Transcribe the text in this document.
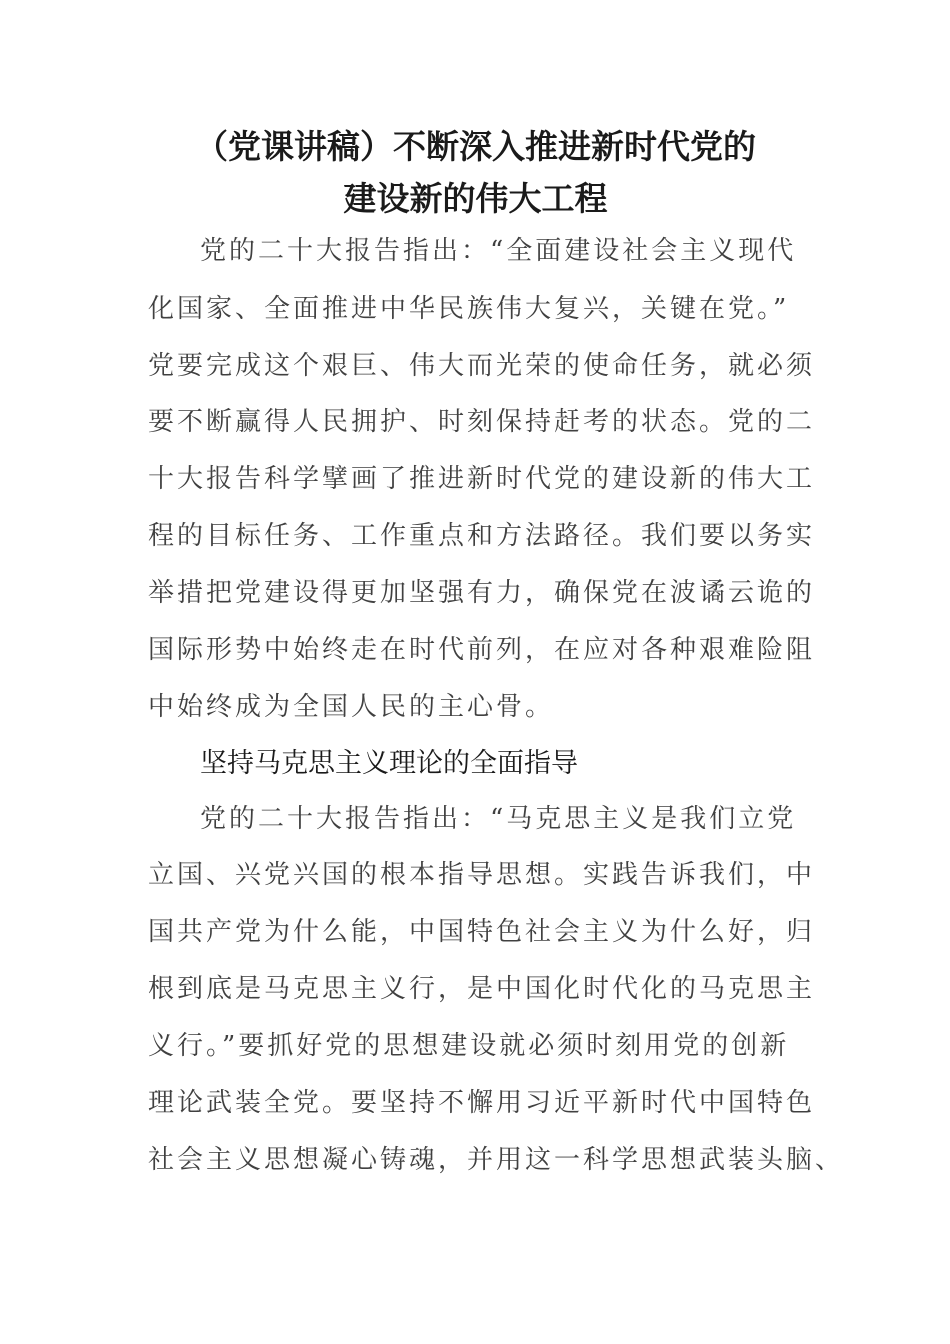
（党课讲稿）不断深入推进新时代党的
建设新的伟大工程
党的二十大报告指出：“全面建设社会主义现代
化国家、全面推进中华民族伟大复兴，关键在党。”
党要完成这个艰巨、伟大而光荣的使命任务，就必须
要不断赢得人民拥护、时刻保持赶考的状态。党的二
十大报告科学擘画了推进新时代党的建设新的伟大工
程的目标任务、工作重点和方法路径。我们要以务实
举措把党建设得更加坚强有力，确保党在波谲云诡的
国际形势中始终走在时代前列，在应对各种艰难险阻
中始终成为全国人民的主心骨。
坚持马克思主义理论的全面指导
党的二十大报告指出：“马克思主义是我们立党
立国、兴党兴国的根本指导思想。实践告诉我们，中
国共产党为什么能，中国特色社会主义为什么好，归
根到底是马克思主义行，是中国化时代化的马克思主
义行。”要抓好党的思想建设就必须时刻用党的创新
理论武装全党。要坚持不懈用习近平新时代中国特色
社会主义思想凝心铸魂，并用这一科学思想武装头脑、
